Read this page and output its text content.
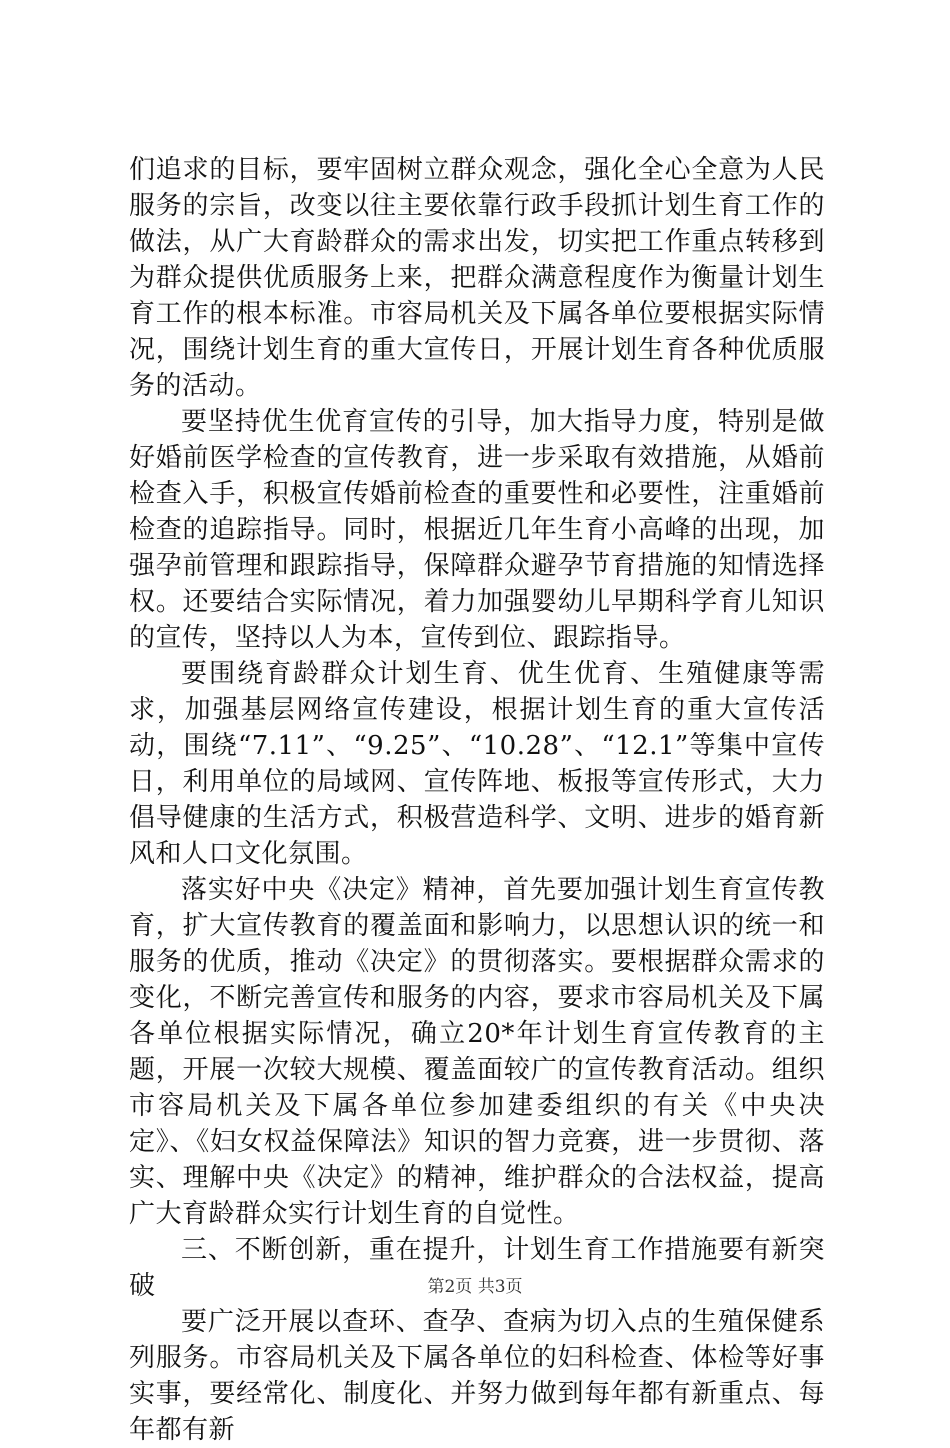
们追求的目标，要牢固树立群众观念，强化全心全意为人民服务的宗旨，改变以往主要依靠行政手段抓计划生育工作的做法，从广大育龄群众的需求出发，切实把工作重点转移到为群众提供优质服务上来，把群众满意程度作为衡量计划生育工作的根本标准。市容局机关及下属各单位要根据实际情况，围绕计划生育的重大宣传日，开展计划生育各种优质服务的活动。

要坚持优生优育宣传的引导，加大指导力度，特别是做好婚前医学检查的宣传教育，进一步采取有效措施，从婚前检查入手，积极宣传婚前检查的重要性和必要性，注重婚前检查的追踪指导。同时，根据近几年生育小高峰的出现，加强孕前管理和跟踪指导，保障群众避孕节育措施的知情选择权。还要结合实际情况，着力加强婴幼儿早期科学育儿知识的宣传，坚持以人为本，宣传到位、跟踪指导。

要围绕育龄群众计划生育、优生优育、生殖健康等需求，加强基层网络宣传建设，根据计划生育的重大宣传活动，围绕“7.11”、“9.25”、“10.28”、“12.1”等集中宣传日，利用单位的局域网、宣传阵地、板报等宣传形式，大力倡导健康的生活方式，积极营造科学、文明、进步的婚育新风和人口文化氛围。

落实好中央《决定》精神，首先要加强计划生育宣传教育，扩大宣传教育的覆盖面和影响力，以思想认识的统一和服务的优质，推动《决定》的贯彻落实。要根据群众需求的变化，不断完善宣传和服务的内容，要求市容局机关及下属各单位根据实际情况，确立20*年计划生育宣传教育的主题，开展一次较大规模、覆盖面较广的宣传教育活动。组织市容局机关及下属各单位参加建委组织的有关《中央决定》、《妇女权益保障法》知识的智力竞赛，进一步贯彻、落实、理解中央《决定》的精神，维护群众的合法权益，提高广大育龄群众实行计划生育的自觉性。

三、不断创新，重在提升，计划生育工作措施要有新突破

要广泛开展以查环、查孕、查病为切入点的生殖保健系列服务。市容局机关及下属各单位的妇科检查、体检等好事实事，要经常化、制度化、并努力做到每年都有新重点、每年都有新

第2页 共3页
